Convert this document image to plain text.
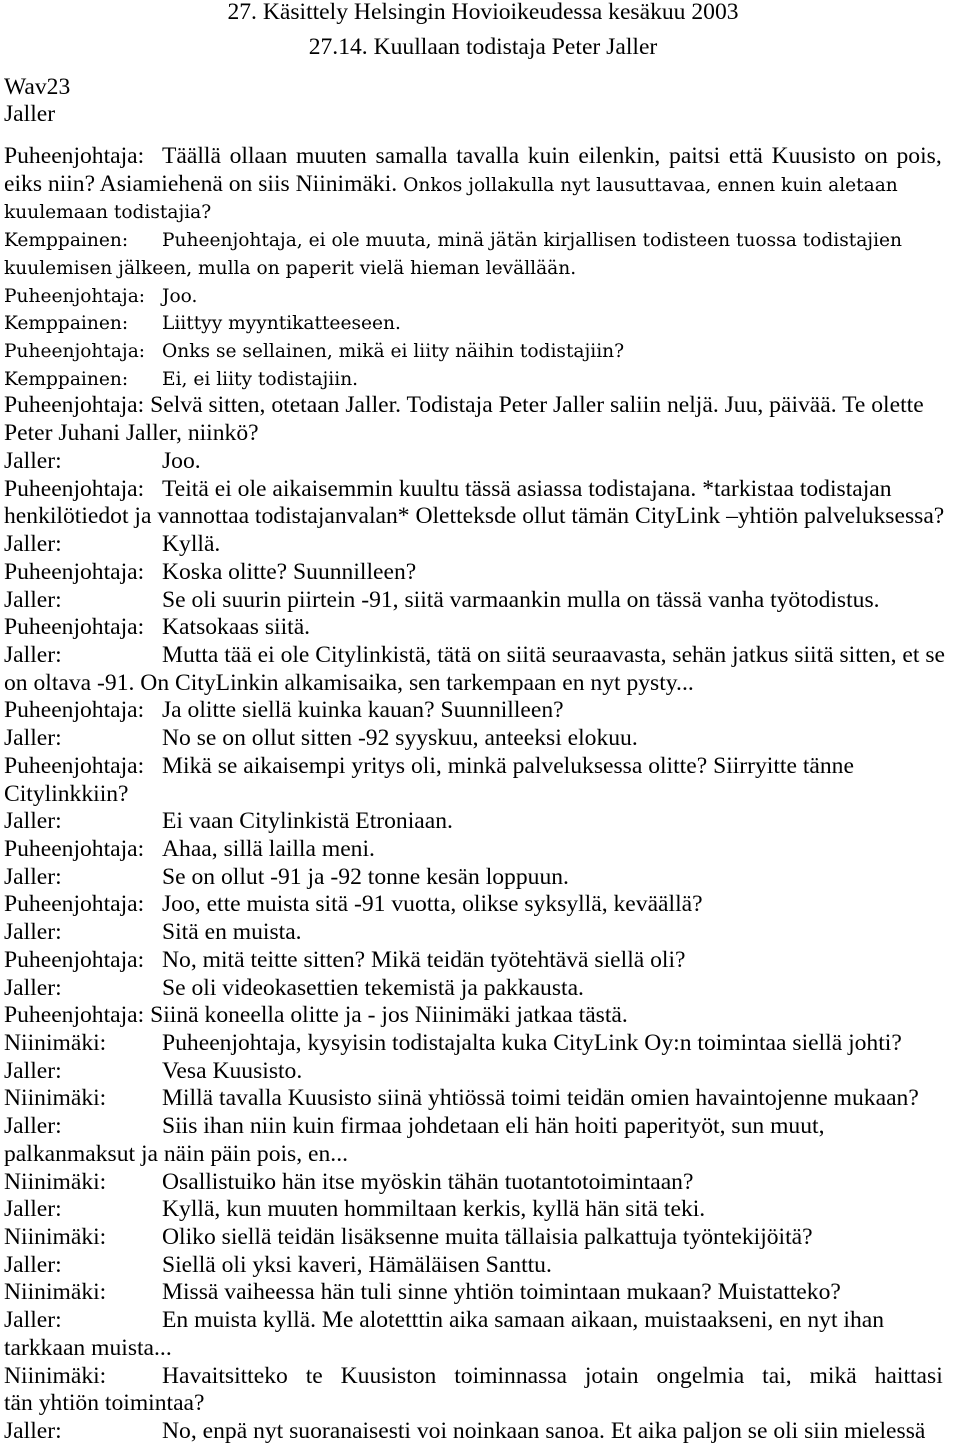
27. Käsittely Helsingin Hovioikeudessa kesäkuu 2003
27.14. Kuullaan todistaja Peter Jaller
Wav23
Jaller
Puheenjohtaja: Täällä ollaan muuten samalla tavalla kuin eilenkin, paitsi että Kuusisto on pois,
eiks niin? Asiamiehenä on siis Niinimäki. Onkos jollakulla nyt lausuttavaa, ennen kuin aletaan
kuulemaan todistajia?
Kemppainen: Puheenjohtaja, ei ole muuta, minä jätän kirjallisen todisteen tuossa todistajien
kuulemisen jälkeen, mulla on paperit vielä hieman levällään.
Puheenjohtaja: Joo.
Kemppainen: Liittyy myyntikatteeseen.
Puheenjohtaja: Onks se sellainen, mikä ei liity näihin todistajiin?
Kemppainen: Ei, ei liity todistajiin.
Puheenjohtaja: Selvä sitten, otetaan Jaller. Todistaja Peter Jaller saliin neljä. Juu, päivää. Te olette
Peter Juhani Jaller, niinkö?
Jaller:	Joo.
Puheenjohtaja: Teitä ei ole aikaisemmin kuultu tässä asiassa todistajana. *tarkistaa todistajan
henkilötiedot ja vannottaa todistajanvalan* Oletteksde ollut tämän CityLink –yhtiön palveluksessa?
Jaller:	Kyllä.
Puheenjohtaja: Koska olitte? Suunnilleen?
Jaller:	Se oli suurin piirtein -91, siitä varmaankin mulla on tässä vanha työtodistus.
Puheenjohtaja: Katsokaas siitä.
Jaller:	Mutta tää ei ole Citylinkistä, tätä on siitä seuraavasta, sehän jatkus siitä sitten, et se
on oltava -91. On CityLinkin alkamisaika, sen tarkempaan en nyt pysty...
Puheenjohtaja: Ja olitte siellä kuinka kauan? Suunnilleen?
Jaller:	No se on ollut sitten -92 syyskuu, anteeksi elokuu.
Puheenjohtaja: Mikä se aikaisempi yritys oli, minkä palveluksessa olitte? Siirryitte tänne
Citylinkkiin?
Jaller:	Ei vaan Citylinkistä Etroniaan.
Puheenjohtaja: Ahaa, sillä lailla meni.
Jaller:	Se on ollut -91 ja -92 tonne kesän loppuun.
Puheenjohtaja: Joo, ette muista sitä -91 vuotta, olikse syksyllä, keväällä?
Jaller:	Sitä en muista.
Puheenjohtaja: No, mitä teitte sitten? Mikä teidän työtehtävä siellä oli?
Jaller:	Se oli videokasettien tekemistä ja pakkausta.
Puheenjohtaja: Siinä koneella olitte ja - jos Niinimäki jatkaa tästä.
Niinimäki: Puheenjohtaja, kysyisin todistajalta kuka CityLink Oy:n toimintaa siellä johti?
Jaller:	Vesa Kuusisto.
Niinimäki: Millä tavalla Kuusisto siinä yhtiössä toimi teidän omien havaintojenne mukaan?
Jaller:	Siis ihan niin kuin firmaa johdetaan eli hän hoiti paperityöt, sun muut,
palkanmaksut ja näin päin pois, en...
Niinimäki: Osallistuiko hän itse myöskin tähän tuotantotoimintaan?
Jaller:	Kyllä, kun muuten hommiltaan kerkis, kyllä hän sitä teki.
Niinimäki: Oliko siellä teidän lisäksenne muita tällaisia palkattuja työntekijöitä?
Jaller:	Siellä oli yksi kaveri, Hämäläisen Santtu.
Niinimäki: Missä vaiheessa hän tuli sinne yhtiön toimintaan mukaan? Muistatteko?
Jaller:	En muista kyllä. Me alotetttin aika samaan aikaan, muistaakseni, en nyt ihan
tarkkaan muista...
Niinimäki: Havaitsitteko te Kuusiston toiminnassa jotain ongelmia tai, mikä haittasi
tän yhtiön toimintaa?
Jaller:	No, enpä nyt suoranaisesti voi noinkaan sanoa. Et aika paljon se oli siin mielessä
